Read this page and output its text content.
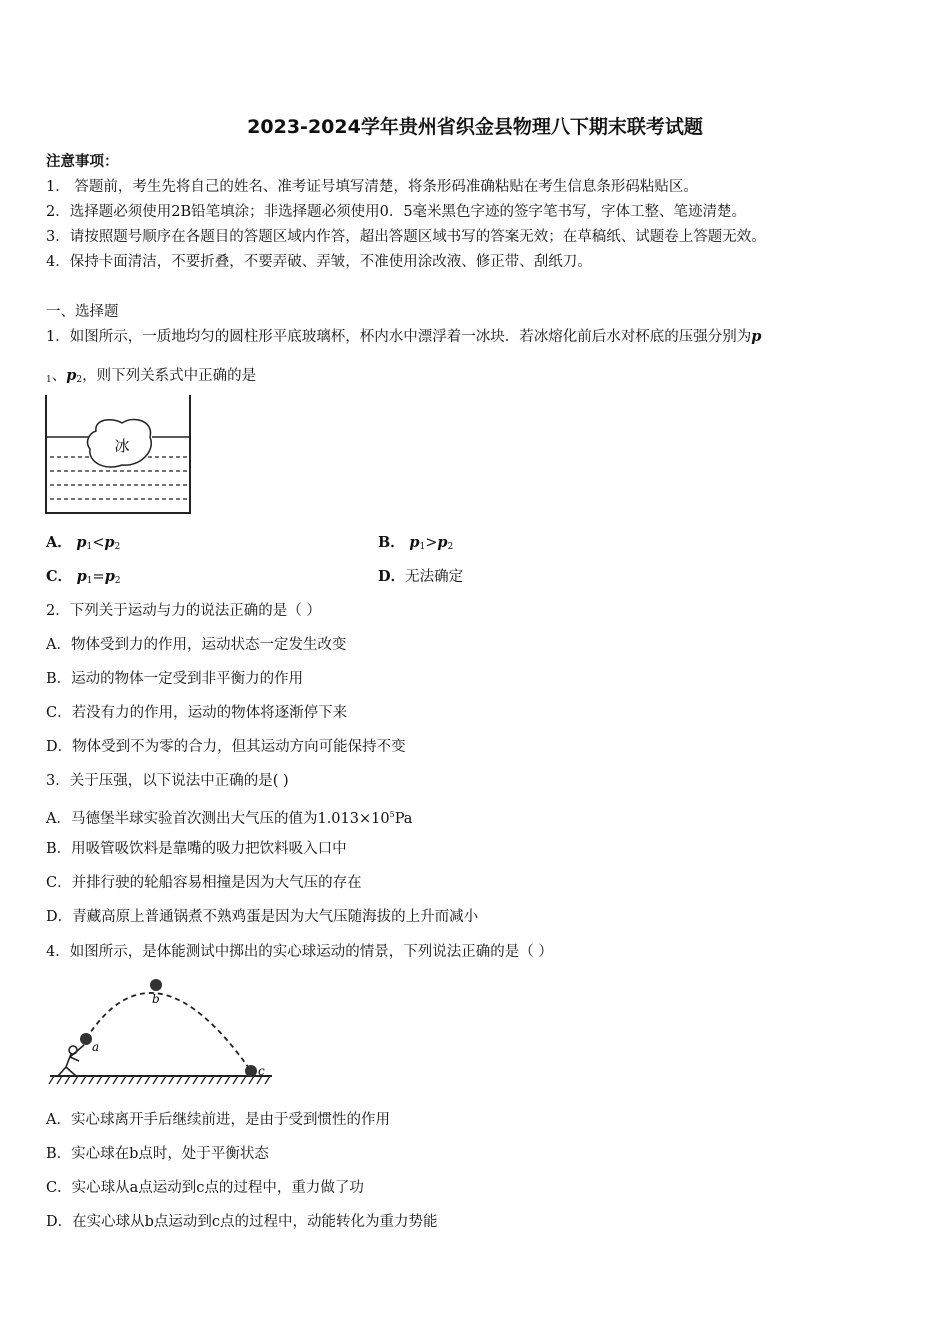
2023-2024学年贵州省织金县物理八下期末联考试题
注意事项：
1． 答题前，考生先将自己的姓名、准考证号填写清楚，将条形码准确粘贴在考生信息条形码粘贴区。
2．选择题必须使用2B铅笔填涂；非选择题必须使用0．5毫米黑色字迹的签字笔书写，字体工整、笔迹清楚。
3．请按照题号顺序在各题目的答题区域内作答，超出答题区域书写的答案无效；在草稿纸、试题卷上答题无效。
4．保持卡面清洁，不要折叠，不要弄破、弄皱，不准使用涂改液、修正带、刮纸刀。
一、选择题
1．如图所示，一质地均匀的圆柱形平底玻璃杯，杯内水中漂浮着一冰块．若冰熔化前后水对杯底的压强分别为p
$_1$、$p_2$，则下列关系式中正确的是
冰
A． $p_1<p_2$	B． $p_1>p_2$
C． $p_1=p_2$	D．无法确定
2．下列关于运动与力的说法正确的是（ ）
A．物体受到力的作用，运动状态一定发生改变
B．运动的物体一定受到非平衡力的作用
C．若没有力的作用，运动的物体将逐渐停下来
D．物体受到不为零的合力，但其运动方向可能保持不变
3．关于压强，以下说法中正确的是( )
A．马德堡半球实验首次测出大气压的值为$1.013\times 10^5Pa$
B．用吸管吸饮料是靠嘴的吸力把饮料吸入口中
C．并排行驶的轮船容易相撞是因为大气压的存在
D．青藏高原上普通锅煮不熟鸡蛋是因为大气压随海拔的上升而减小
4．如图所示，是体能测试中掷出的实心球运动的情景，下列说法正确的是（ ）
a
b
c
A．实心球离开手后继续前进，是由于受到惯性的作用
B．实心球在b点时，处于平衡状态
C．实心球从a点运动到c点的过程中，重力做了功
D．在实心球从b点运动到c点的过程中，动能转化为重力势能
